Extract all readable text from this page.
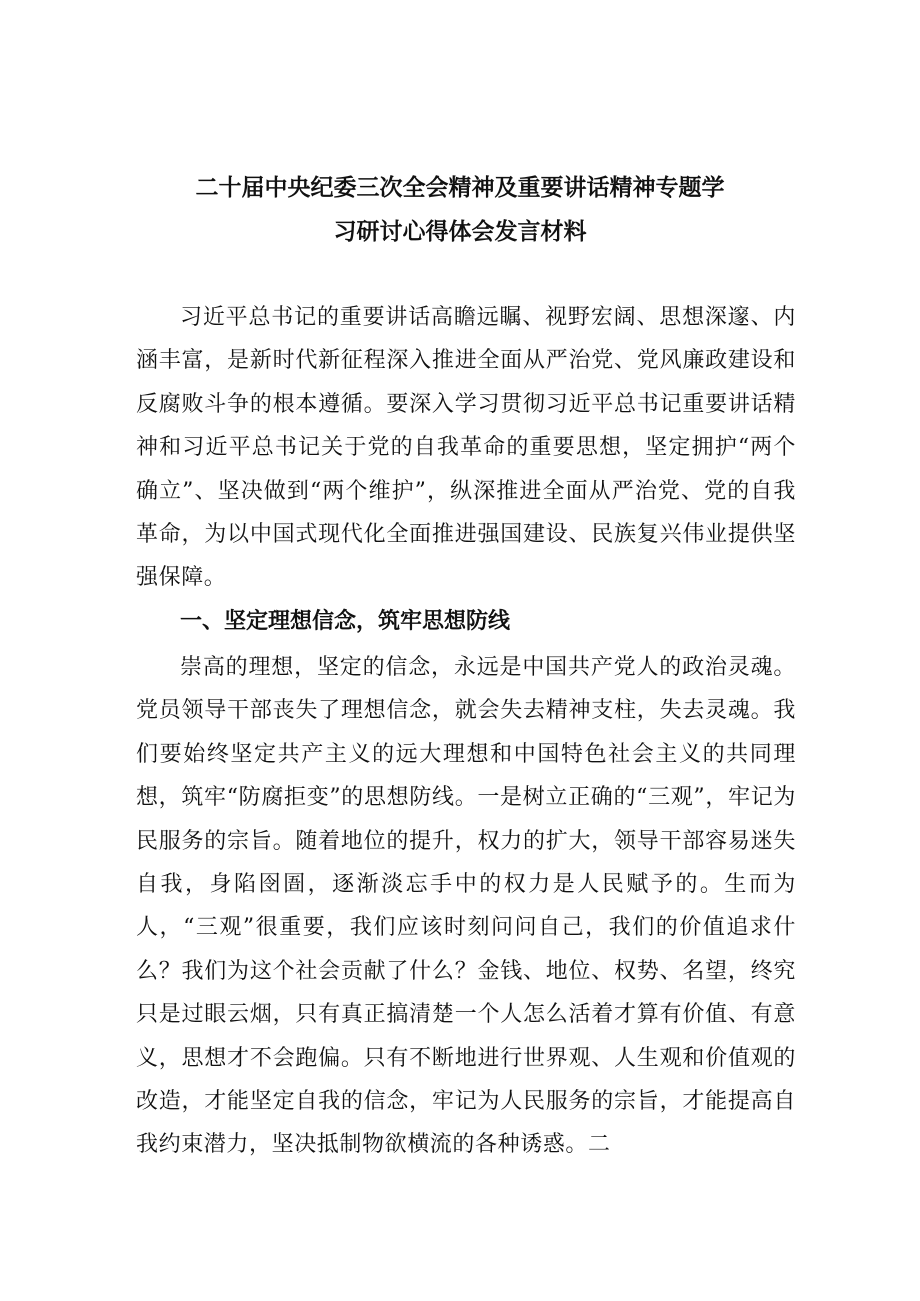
二十届中央纪委三次全会精神及重要讲话精神专题学
习研讨心得体会发言材料

习近平总书记的重要讲话高瞻远瞩、视野宏阔、思想深邃、内涵丰富，是新时代新征程深入推进全面从严治党、党风廉政建设和反腐败斗争的根本遵循。要深入学习贯彻习近平总书记重要讲话精神和习近平总书记关于党的自我革命的重要思想，坚定拥护“两个确立”、坚决做到“两个维护”，纵深推进全面从严治党、党的自我革命，为以中国式现代化全面推进强国建设、民族复兴伟业提供坚强保障。

一、坚定理想信念，筑牢思想防线

崇高的理想，坚定的信念，永远是中国共产党人的政治灵魂。党员领导干部丧失了理想信念，就会失去精神支柱，失去灵魂。我们要始终坚定共产主义的远大理想和中国特色社会主义的共同理想，筑牢“防腐拒变”的思想防线。一是树立正确的“三观”，牢记为民服务的宗旨。随着地位的提升，权力的扩大，领导干部容易迷失自我，身陷囹圄，逐渐淡忘手中的权力是人民赋予的。生而为人，“三观”很重要，我们应该时刻问问自己，我们的价值追求什么？我们为这个社会贡献了什么？金钱、地位、权势、名望，终究只是过眼云烟，只有真正搞清楚一个人怎么活着才算有价值、有意义，思想才不会跑偏。只有不断地进行世界观、人生观和价值观的改造，才能坚定自我的信念，牢记为人民服务的宗旨，才能提高自我约束潜力，坚决抵制物欲横流的各种诱惑。二
